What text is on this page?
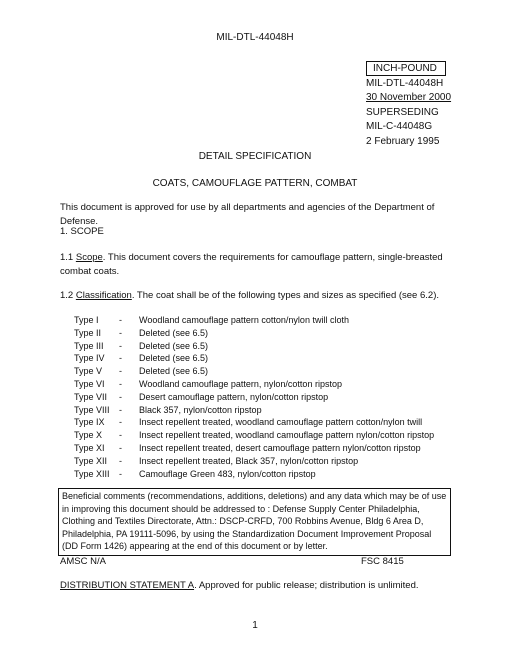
MIL-DTL-44048H
INCH-POUND
MIL-DTL-44048H
30 November 2000
SUPERSEDING
MIL-C-44048G
2 February 1995
DETAIL SPECIFICATION
COATS, CAMOUFLAGE PATTERN, COMBAT
This document is approved for use by all departments and agencies of the Department of Defense.
1. SCOPE
1.1 Scope. This document covers the requirements for camouflage pattern, single-breasted combat coats.
1.2 Classification. The coat shall be of the following types and sizes as specified (see 6.2).
Type I	-	Woodland camouflage pattern cotton/nylon twill cloth
Type II	-	Deleted (see 6.5)
Type III	-	Deleted (see 6.5)
Type IV	-	Deleted (see 6.5)
Type V	-	Deleted (see 6.5)
Type VI	-	Woodland camouflage pattern, nylon/cotton ripstop
Type VII	-	Desert camouflage pattern, nylon/cotton ripstop
Type VIII	-	Black 357, nylon/cotton ripstop
Type IX	-	Insect repellent treated, woodland camouflage pattern cotton/nylon twill
Type X	-	Insect repellent treated, woodland camouflage pattern nylon/cotton ripstop
Type XI	-	Insect repellent treated, desert camouflage pattern nylon/cotton ripstop
Type XII	-	Insect repellent treated, Black 357, nylon/cotton ripstop
Type XIII	-	Camouflage Green 483, nylon/cotton ripstop
Beneficial comments (recommendations, additions, deletions) and any data which may be of use in improving this document should be addressed to : Defense Supply Center Philadelphia, Clothing and Textiles Directorate, Attn.: DSCP-CRFD, 700 Robbins Avenue, Bldg 6 Area D, Philadelphia, PA 19111-5096, by using the Standardization Document Improvement Proposal (DD Form 1426) appearing at the end of this document or by letter.
AMSC N/A	FSC 8415
DISTRIBUTION STATEMENT A. Approved for public release; distribution is unlimited.
1
